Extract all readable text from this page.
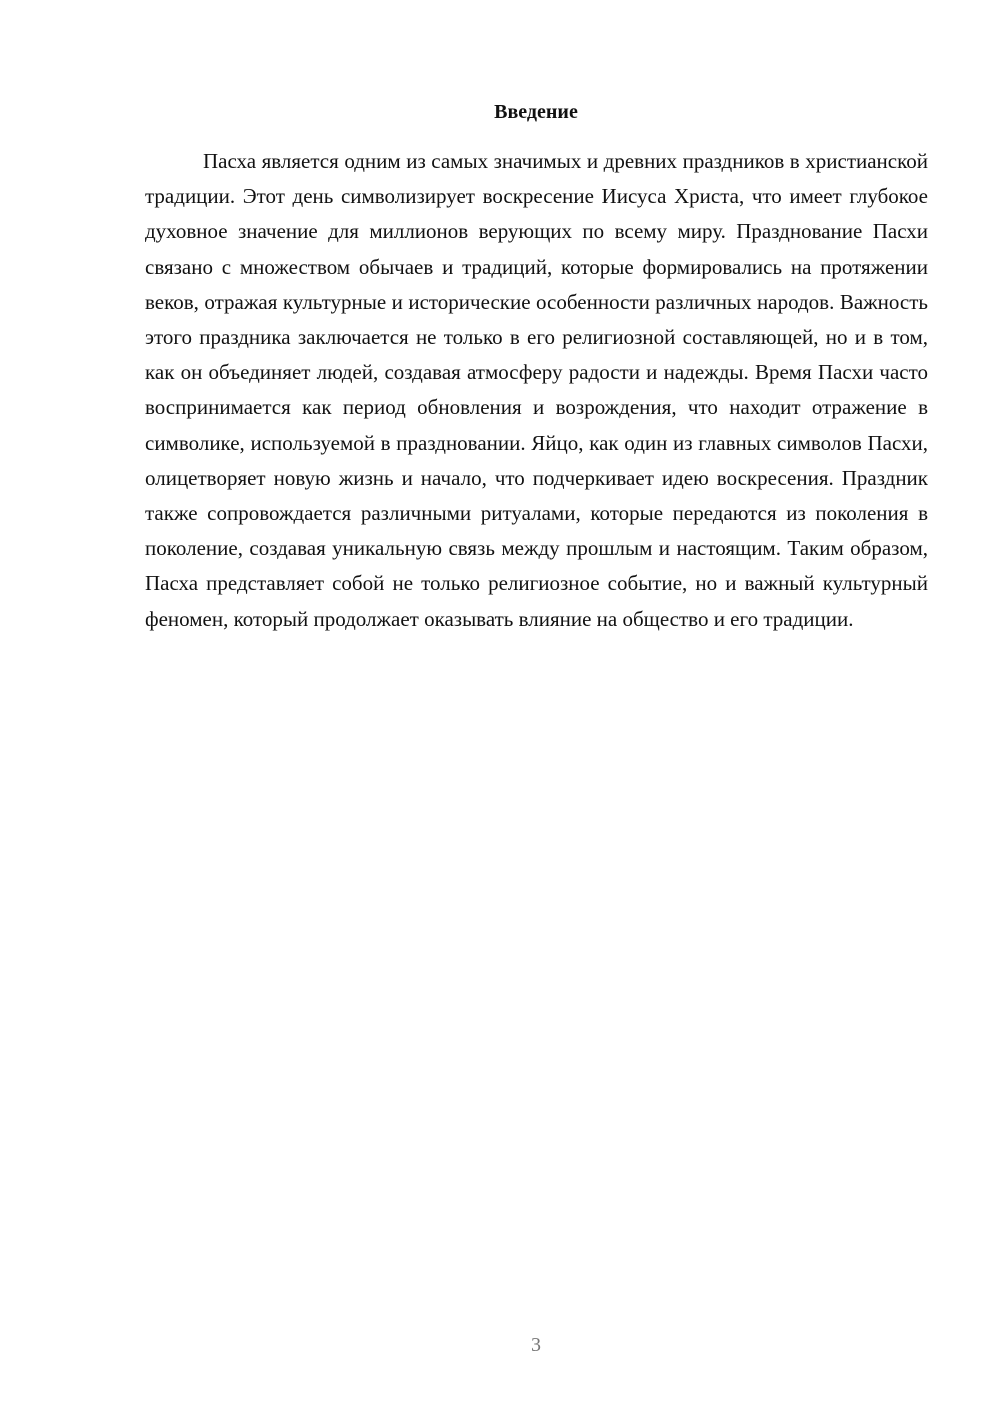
Введение

Пасха является одним из самых значимых и древних праздников в христианской традиции. Этот день символизирует воскресение Иисуса Христа, что имеет глубокое духовное значение для миллионов верующих по всему миру. Празднование Пасхи связано с множеством обычаев и традиций, которые формировались на протяжении веков, отражая культурные и исторические особенности различных народов. Важность этого праздника заключается не только в его религиозной составляющей, но и в том, как он объединяет людей, создавая атмосферу радости и надежды. Время Пасхи часто воспринимается как период обновления и возрождения, что находит отражение в символике, используемой в праздновании. Яйцо, как один из главных символов Пасхи, олицетворяет новую жизнь и начало, что подчеркивает идею воскресения. Праздник также сопровождается различными ритуалами, которые передаются из поколения в поколение, создавая уникальную связь между прошлым и настоящим. Таким образом, Пасха представляет собой не только религиозное событие, но и важный культурный феномен, который продолжает оказывать влияние на общество и его традиции.

3
